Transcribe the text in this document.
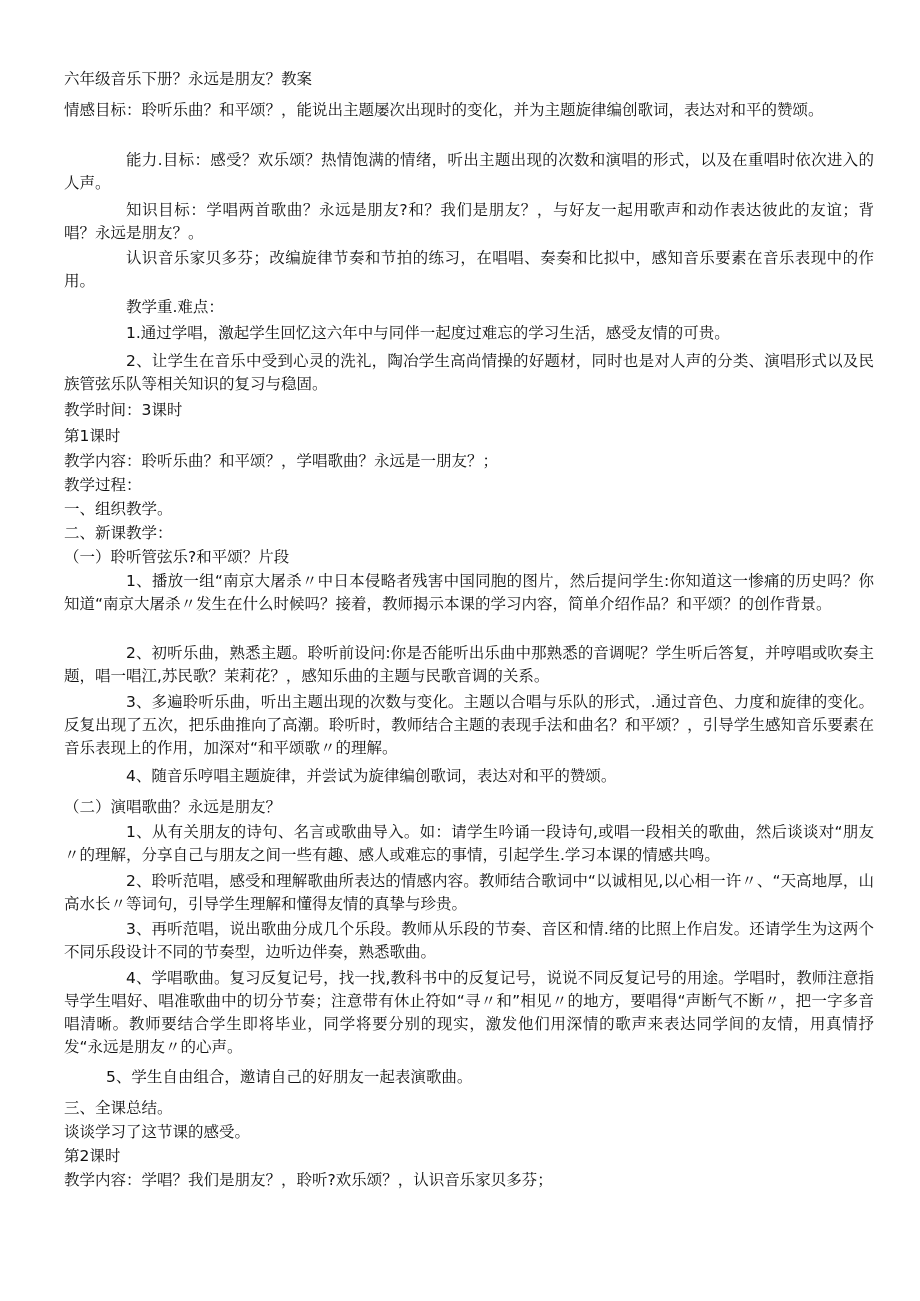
六年级音乐下册？永远是朋友？教案

情感目标：聆听乐曲？和平颂？，能说出主题屡次出现时的变化，并为主题旋律编创歌词，表达对和平的赞颂。

能力.目标：感受？欢乐颂？热情饱满的情绪，听出主题出现的次数和演唱的形式，以及在重唱时依次进入的人声。

知识目标：学唱两首歌曲？永远是朋友?和？我们是朋友？，与好友一起用歌声和动作表达彼此的友谊；背唱？永远是朋友？。

认识音乐家贝多芬；改编旋律节奏和节拍的练习，在唱唱、奏奏和比拟中，感知音乐要素在音乐表现中的作用。

教学重.难点：

1.通过学唱，激起学生回忆这六年中与同伴一起度过难忘的学习生活，感受友情的可贵。

2、让学生在音乐中受到心灵的洗礼，陶冶学生高尚情操的好题材，同时也是对人声的分类、演唱形式以及民族管弦乐队等相关知识的复习与稳固。

教学时间：3课时

第1课时

教学内容：聆听乐曲？和平颂？，学唱歌曲？永远是一朋友？；

教学过程：

一、组织教学。

二、新课教学：

（一）聆听管弦乐?和平颂？片段

1、播放一组“南京大屠杀〃中日本侵略者残害中国同胞的图片，然后提问学生:你知道这一惨痛的历史吗？你知道“南京大屠杀〃发生在什么时候吗？接着，教师揭示本课的学习内容，简单介绍作品？和平颂？的创作背景。

2、初听乐曲，熟悉主题。聆听前设问:你是否能听出乐曲中那熟悉的音调呢？学生听后答复，并哼唱或吹奏主题，唱一唱江,苏民歌？茉莉花？，感知乐曲的主题与民歌音调的关系。

3、多遍聆听乐曲，听出主题出现的次数与变化。主题以合唱与乐队的形式，.通过音色、力度和旋律的变化。反复出现了五次，把乐曲推向了高潮。聆听时，教师结合主题的表现手法和曲名？和平颂？，引导学生感知音乐要素在音乐表现上的作用，加深对“和平颂歌〃的理解。

4、随音乐哼唱主题旋律，并尝试为旋律编创歌词，表达对和平的赞颂。

（二）演唱歌曲？永远是朋友？

1、从有关朋友的诗句、名言或歌曲导入。如：请学生吟诵一段诗句,或唱一段相关的歌曲，然后谈谈对“朋友〃的理解，分享自己与朋友之间一些有趣、感人或难忘的事情，引起学生.学习本课的情感共鸣。

2、聆听范唱，感受和理解歌曲所表达的情感内容。教师结合歌词中“以诚相见,以心相一许〃、“天高地厚，山高水长〃等词句，引导学生理解和懂得友情的真挚与珍贵。

3、再听范唱，说出歌曲分成几个乐段。教师从乐段的节奏、音区和情.绪的比照上作启发。还请学生为这两个不同乐段设计不同的节奏型，边听边伴奏，熟悉歌曲。

4、学唱歌曲。复习反复记号，找一找,教科书中的反复记号，说说不同反复记号的用途。学唱时，教师注意指导学生唱好、唱准歌曲中的切分节奏；注意带有休止符如“寻〃和”相见〃的地方，要唱得“声断气不断〃，把一字多音唱清晰。教师要结合学生即将毕业，同学将要分别的现实，激发他们用深情的歌声来表达同学间的友情，用真情抒发“永远是朋友〃的心声。

5、学生自由组合，邀请自己的好朋友一起表演歌曲。

三、全课总结。

谈谈学习了这节课的感受。

第2课时

教学内容：学唱？我们是朋友？，聆听?欢乐颂？，认识音乐家贝多芬；
